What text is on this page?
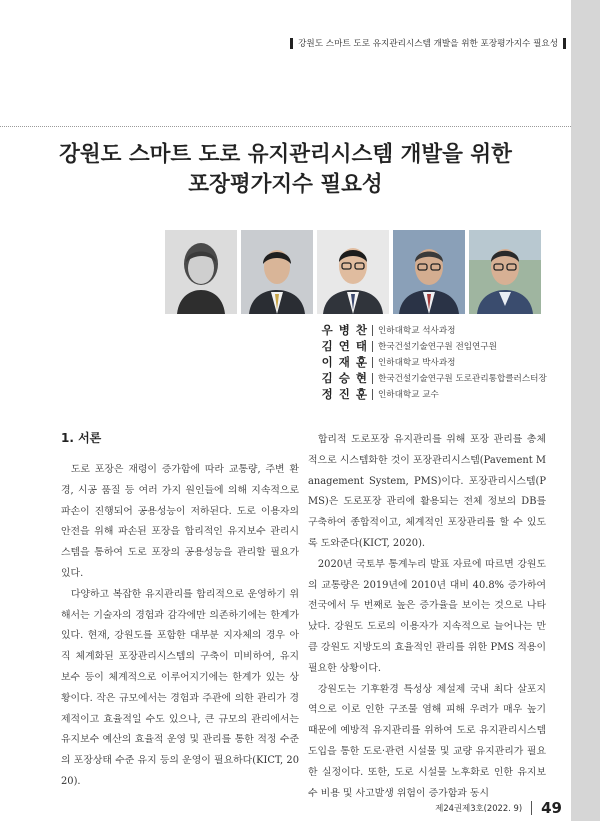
강원도 스마트 도로 유지관리시스템 개발을 위한 포장평가지수 필요성
강원도 스마트 도로 유지관리시스템 개발을 위한
포장평가지수 필요성
우 병 찬 인하대학교 석사과정
김 연 태 한국건설기술연구원 전임연구원
이 재 훈 인하대학교 박사과정
김 승 현 한국건설기술연구원 도로관리통합클러스터장
정 진 훈 인하대학교 교수
1. 서론

도로 포장은 재령이 증가함에 따라 교통량, 주변 환경, 시공 품질 등 여러 가지 원인들에 의해 지속적으로 파손이 진행되어 공용성능이 저하된다. 도로 이용자의 안전을 위해 파손된 포장을 합리적인 유지보수 관리시스템을 통하여 도로 포장의 공용성능을 관리할 필요가 있다.

다양하고 복잡한 유지관리를 합리적으로 운영하기 위해서는 기술자의 경험과 감각에만 의존하기에는 한계가 있다. 현재, 강원도를 포함한 대부분 지자체의 경우 아직 체계화된 포장관리시스템의 구축이 미비하여, 유지보수 등이 체계적으로 이루어지기에는 한계가 있는 상황이다. 작은 규모에서는 경험과 주관에 의한 관리가 경제적이고 효율적일 수도 있으나, 큰 규모의 관리에서는 유지보수 예산의 효율적 운영 및 관리를 통한 적정 수준의 포장상태 수준 유지 등의 운영이 필요하다(KICT, 2020).

합리적 도로포장 유지관리를 위해 포장 관리를 총체적으로 시스템화한 것이 포장관리시스템(Pavement Management System, PMS)이다. 포장관리시스템(PMS)은 도로포장 관리에 활용되는 전체 정보의 DB를 구축하여 종합적이고, 체계적인 포장관리를 할 수 있도록 도와준다(KICT, 2020).

2020년 국토부 통계누리 발표 자료에 따르면 강원도의 교통량은 2019년에 2010년 대비 40.8% 증가하여 전국에서 두 번째로 높은 증가율을 보이는 것으로 나타났다. 강원도 도로의 이용자가 지속적으로 늘어나는 만큼 강원도 지방도의 효율적인 관리를 위한 PMS 적용이 필요한 상황이다.

강원도는 기후환경 특성상 제설제 국내 최다 살포지역으로 이로 인한 구조물 염해 피해 우려가 매우 높기 때문에 예방적 유지관리를 위하여 도로 유지관리시스템 도입을 통한 도로·관련 시설물 및 교량 유지관리가 필요한 실정이다. 또한, 도로 시설물 노후화로 인한 유지보수 비용 및 사고발생 위험이 증가함과 동시

제24권제3호(2022. 9) 49
